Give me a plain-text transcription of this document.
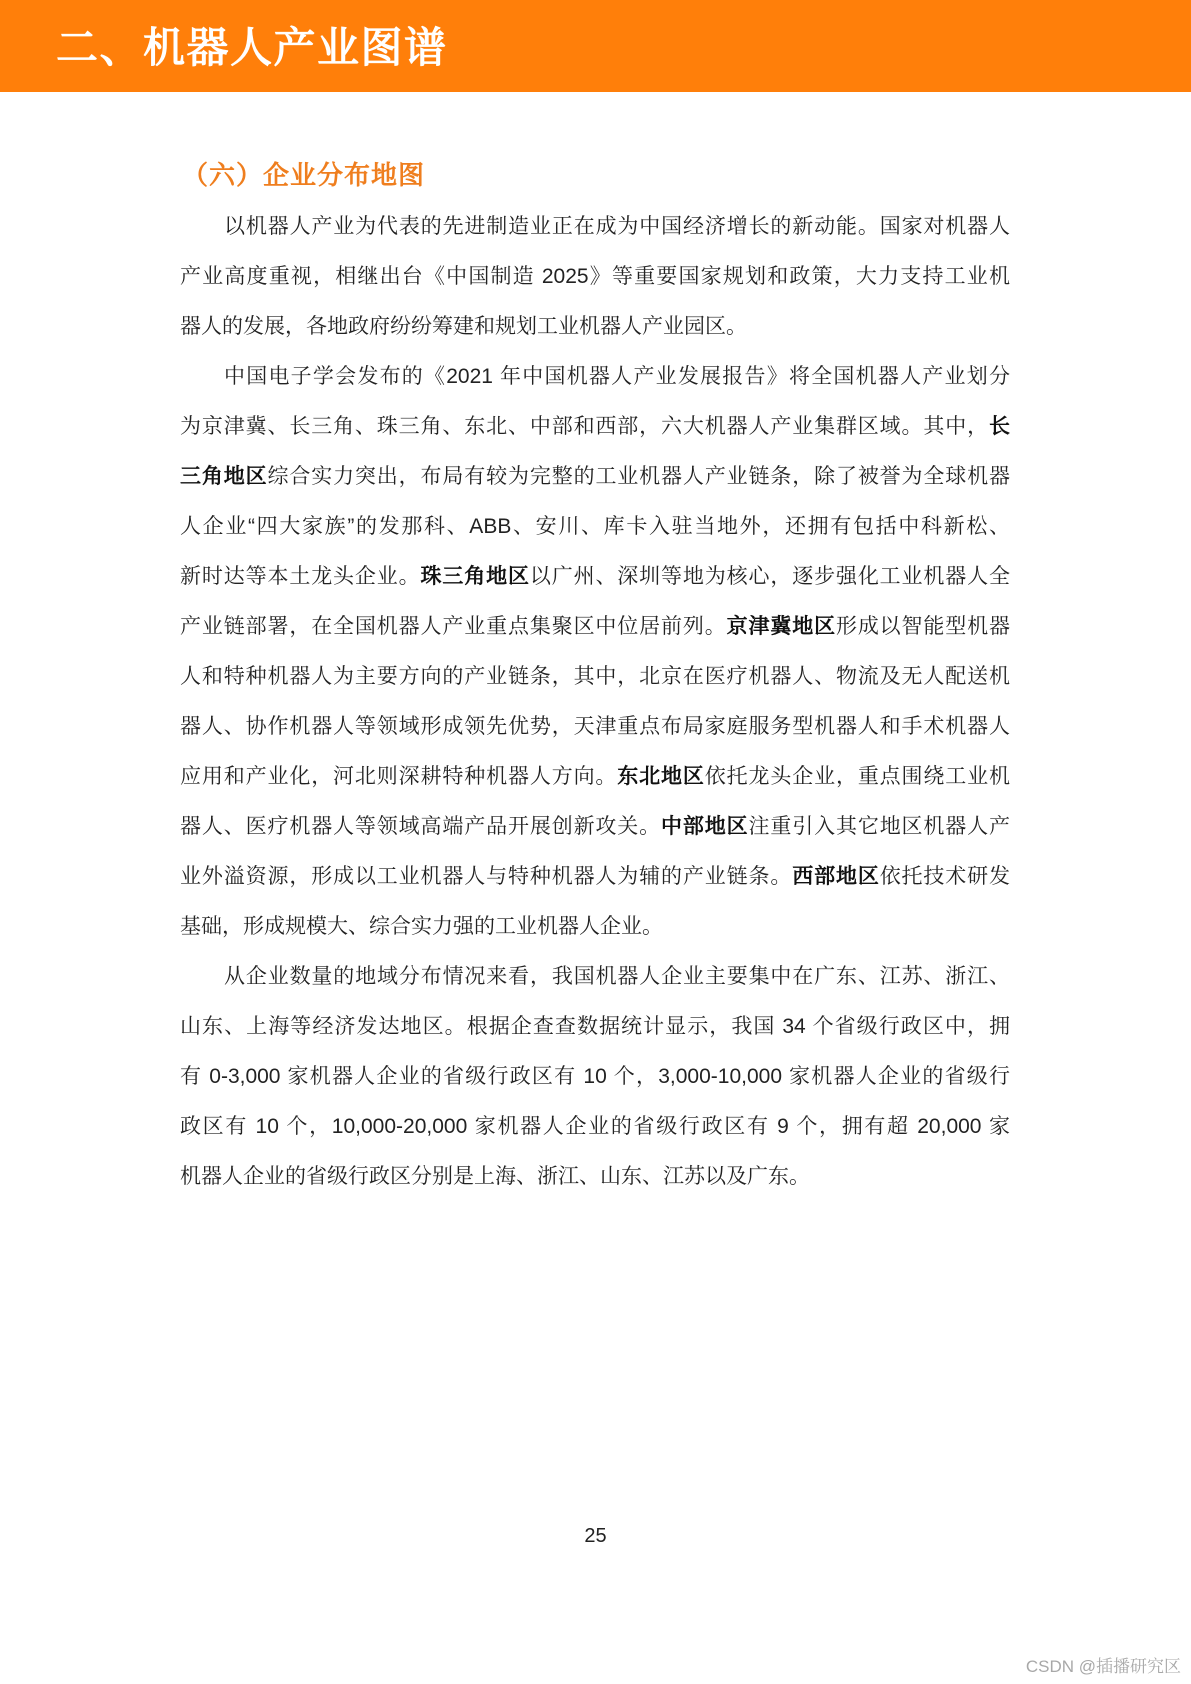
二、机器人产业图谱
（六）企业分布地图
以机器人产业为代表的先进制造业正在成为中国经济增长的新动能。国家对机器人
产业高度重视，相继出台《中国制造 2025》等重要国家规划和政策，大力支持工业机
器人的发展，各地政府纷纷筹建和规划工业机器人产业园区。
中国电子学会发布的《2021 年中国机器人产业发展报告》将全国机器人产业划分
为京津冀、长三角、珠三角、东北、中部和西部，六大机器人产业集群区域。其中，长
三角地区综合实力突出，布局有较为完整的工业机器人产业链条，除了被誉为全球机器
人企业“四大家族”的发那科、ABB、安川、库卡入驻当地外，还拥有包括中科新松、
新时达等本土龙头企业。珠三角地区以广州、深圳等地为核心，逐步强化工业机器人全
产业链部署，在全国机器人产业重点集聚区中位居前列。京津冀地区形成以智能型机器
人和特种机器人为主要方向的产业链条，其中，北京在医疗机器人、物流及无人配送机
器人、协作机器人等领域形成领先优势，天津重点布局家庭服务型机器人和手术机器人
应用和产业化，河北则深耕特种机器人方向。东北地区依托龙头企业，重点围绕工业机
器人、医疗机器人等领域高端产品开展创新攻关。中部地区注重引入其它地区机器人产
业外溢资源，形成以工业机器人与特种机器人为辅的产业链条。西部地区依托技术研发
基础，形成规模大、综合实力强的工业机器人企业。
从企业数量的地域分布情况来看，我国机器人企业主要集中在广东、江苏、浙江、
山东、上海等经济发达地区。根据企查查数据统计显示，我国 34 个省级行政区中，拥
有 0-3,000 家机器人企业的省级行政区有 10 个，3,000-10,000 家机器人企业的省级行
政区有 10 个，10,000-20,000 家机器人企业的省级行政区有 9 个，拥有超 20,000 家
机器人企业的省级行政区分别是上海、浙江、山东、江苏以及广东。
25
CSDN @插播研究区
